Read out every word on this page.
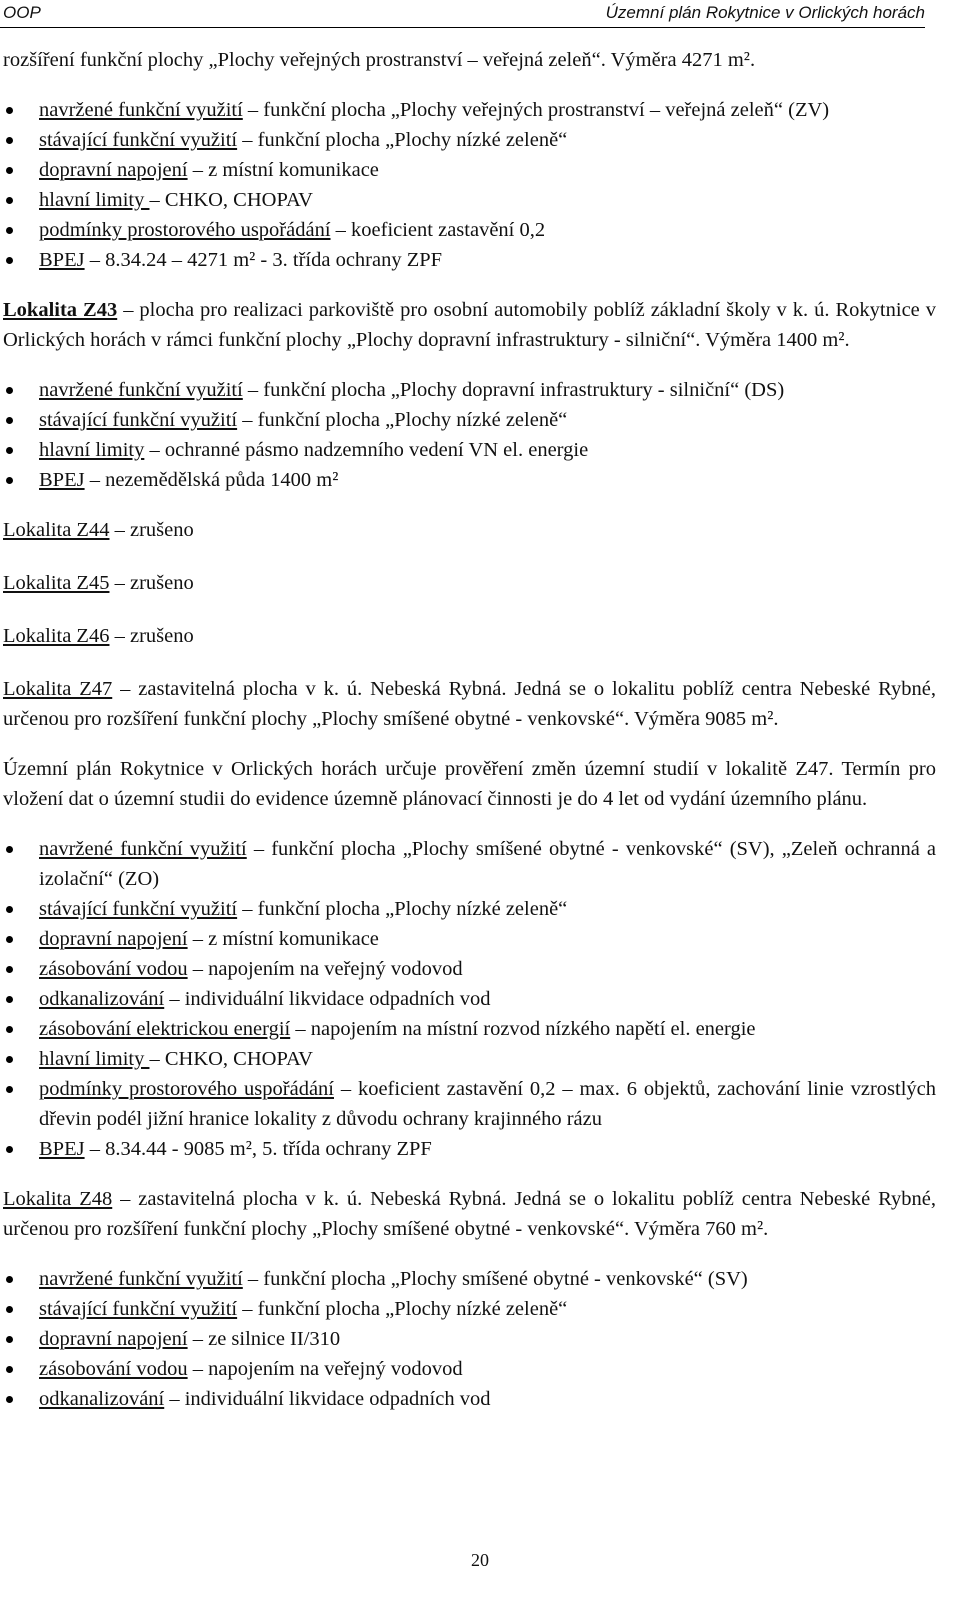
OOP	Územní plán Rokytnice v Orlických horách

rozšíření funkční plochy „Plochy veřejných prostranství – veřejná zeleň“. Výměra 4271 m².

navržené funkční využití – funkční plocha „Plochy veřejných prostranství – veřejná zeleň“ (ZV)
stávající funkční využití – funkční plocha „Plochy nízké zeleně“
dopravní napojení – z místní komunikace
hlavní limity – CHKO, CHOPAV
podmínky prostorového uspořádání – koeficient zastavění 0,2
BPEJ – 8.34.24 – 4271 m² - 3. třída ochrany ZPF

Lokalita Z43 – plocha pro realizaci parkoviště pro osobní automobily poblíž základní školy v k. ú. Rokytnice v Orlických horách v rámci funkční plochy „Plochy dopravní infrastruktury - silniční“. Výměra 1400 m².

navržené funkční využití – funkční plocha „Plochy dopravní infrastruktury - silniční“ (DS)
stávající funkční využití – funkční plocha „Plochy nízké zeleně“
hlavní limity – ochranné pásmo nadzemního vedení VN el. energie
BPEJ – nezemědělská půda 1400 m²

Lokalita Z44 – zrušeno

Lokalita Z45 – zrušeno

Lokalita Z46 – zrušeno

Lokalita Z47 – zastavitelná plocha v k. ú. Nebeská Rybná. Jedná se o lokalitu poblíž centra Nebeské Rybné, určenou pro rozšíření funkční plochy „Plochy smíšené obytné - venkovské“. Výměra 9085 m².

Územní plán Rokytnice v Orlických horách určuje prověření změn územní studií v lokalitě Z47. Termín pro vložení dat o územní studii do evidence územně plánovací činnosti je do 4 let od vydání územního plánu.

navržené funkční využití – funkční plocha „Plochy smíšené obytné - venkovské“ (SV), „Zeleň ochranná a izolační“ (ZO)
stávající funkční využití – funkční plocha „Plochy nízké zeleně“
dopravní napojení – z místní komunikace
zásobování vodou – napojením na veřejný vodovod
odkanalizování – individuální likvidace odpadních vod
zásobování elektrickou energií – napojením na místní rozvod nízkého napětí el. energie
hlavní limity – CHKO, CHOPAV
podmínky prostorového uspořádání – koeficient zastavění 0,2 – max. 6 objektů, zachování linie vzrostlých dřevin podél jižní hranice lokality z důvodu ochrany krajinného rázu
BPEJ – 8.34.44 - 9085 m², 5. třída ochrany ZPF

Lokalita Z48 – zastavitelná plocha v k. ú. Nebeská Rybná. Jedná se o lokalitu poblíž centra Nebeské Rybné, určenou pro rozšíření funkční plochy „Plochy smíšené obytné - venkovské“. Výměra 760 m².

navržené funkční využití – funkční plocha „Plochy smíšené obytné - venkovské“ (SV)
stávající funkční využití – funkční plocha „Plochy nízké zeleně“
dopravní napojení – ze silnice II/310
zásobování vodou – napojením na veřejný vodovod
odkanalizování – individuální likvidace odpadních vod
20
